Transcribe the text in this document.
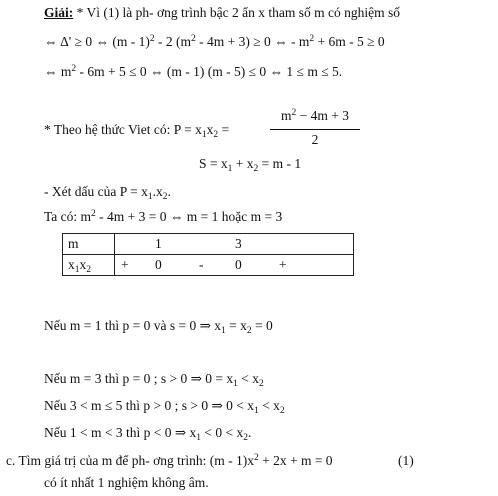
Giải: * Vì (1) là ph- ơng trình bậc 2 ẩn x tham số m có nghiệm số
⇔ Δ' ≥ 0 ⇔ (m - 1)$^2$ - 2 $(m^2 - 4m + 3) \ge 0$ ⇔ - $m^2 + 6m - 5 \ge 0$
⇔ $m^2 - 6m + 5 \le 0$ ⇔ (m - 1) (m - 5) ≤ 0 ⇔ 1 ≤ m ≤ 5.
* Theo hệ thức Viet có: $P = x_1x_2$ =
$m^2 - 4m + 3$
2
$S = x_1 + x_2 = m - 1$
- Xét dấu của $P = x_1.x_2$.
Ta có: $m^2 - 4m + 3 = 0$ ⇔ m = 1 hoặc m = 3
m	1 3

$x_1x_2$	+ 0 - 0 +
Nếu m = 1 thì p = 0 và s = 0 ⇒ $x_1 = x_2 = 0$
Nếu m = 3 thì p = 0 ; s > 0 ⇒ $0 = x_1 < x_2$
Nếu 3 < m ≤ 5 thì p > 0 ; s > 0 ⇒ $0 < x_1 < x_2$
Nếu 1 < m < 3 thì p < 0 ⇒ $x_1 < 0 < x_2$.
c. Tìm giá trị của m để ph- ơng trình: $(m - 1)x^2 + 2x + m = 0$	(1)
có ít nhất 1 nghiệm không âm.
